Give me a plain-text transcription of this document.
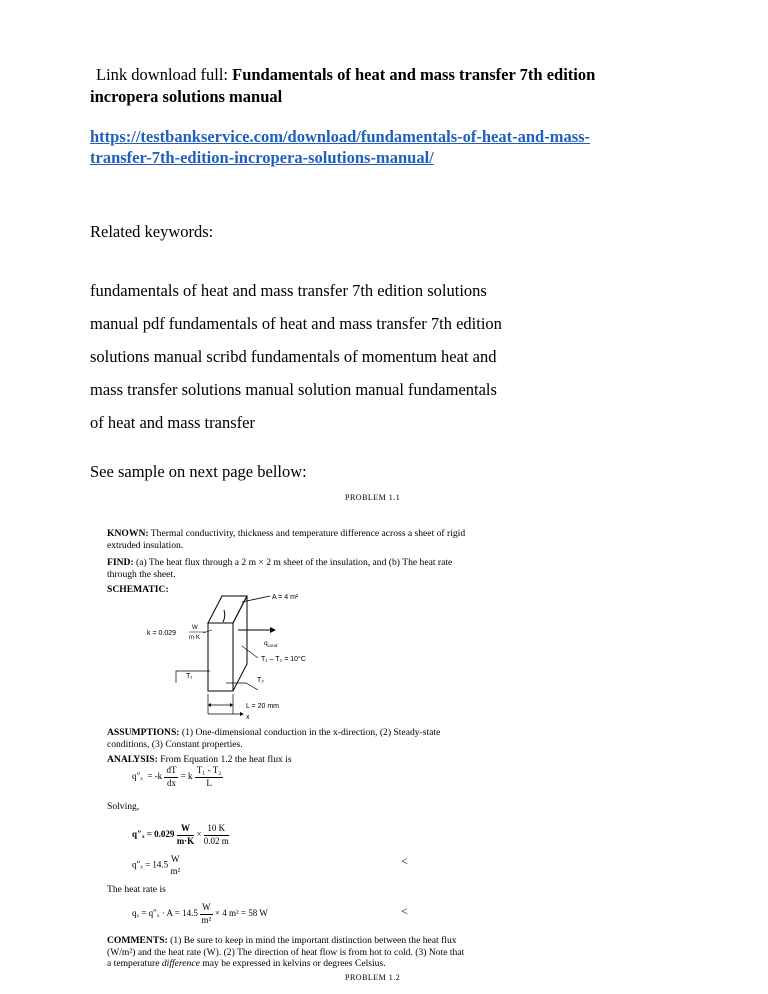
Link download full: Fundamentals of heat and mass transfer 7th edition
incropera solutions manual
https://testbankservice.com/download/fundamentals-of-heat-and-mass-
transfer-7th-edition-incropera-solutions-manual/
Related keywords:
fundamentals of heat and mass transfer 7th edition solutions
manual pdf fundamentals of heat and mass transfer 7th edition
solutions manual scribd fundamentals of momentum heat and
mass transfer solutions manual solution manual fundamentals
of heat and mass transfer
See sample on next page bellow:
PROBLEM 1.1
KNOWN: Thermal conductivity, thickness and temperature difference across a sheet of rigid
extruded insulation.
FIND: (a) The heat flux through a 2 m × 2 m sheet of the insulation, and (b) The heat rate
through the sheet.
SCHEMATIC:
A = 4 m²
k = 0.029
W
m·K
$q_{cond}$
T₁ – T₂ = 10°C
T₁
T₂
L = 20 mm
x
ASSUMPTIONS: (1) One-dimensional conduction in the x-direction, (2) Steady-state
conditions, (3) Constant properties.
ANALYSIS: From Equation 1.2 the heat flux is
$q''_x = -k \frac{dT}{dx} = k \frac{\text{T₁ - T₂}}{L}$
Solving,
$q''_x = 0.029 \frac{W}{m\cdot K} \times \frac{10 K}{0.02 m}$
q″ₓ = 14.5
W
m²
<
The heat rate is
$q_x = q''_x \cdot A = 14.5 \frac{W}{\text{m²}} \times 4$ m² = 58 W	<
COMMENTS: (1) Be sure to keep in mind the important distinction between the heat flux
(W/m²) and the heat rate (W). (2) The direction of heat flow is from hot to cold. (3) Note that
a temperature difference may be expressed in kelvins or degrees Celsius.
PROBLEM 1.2
